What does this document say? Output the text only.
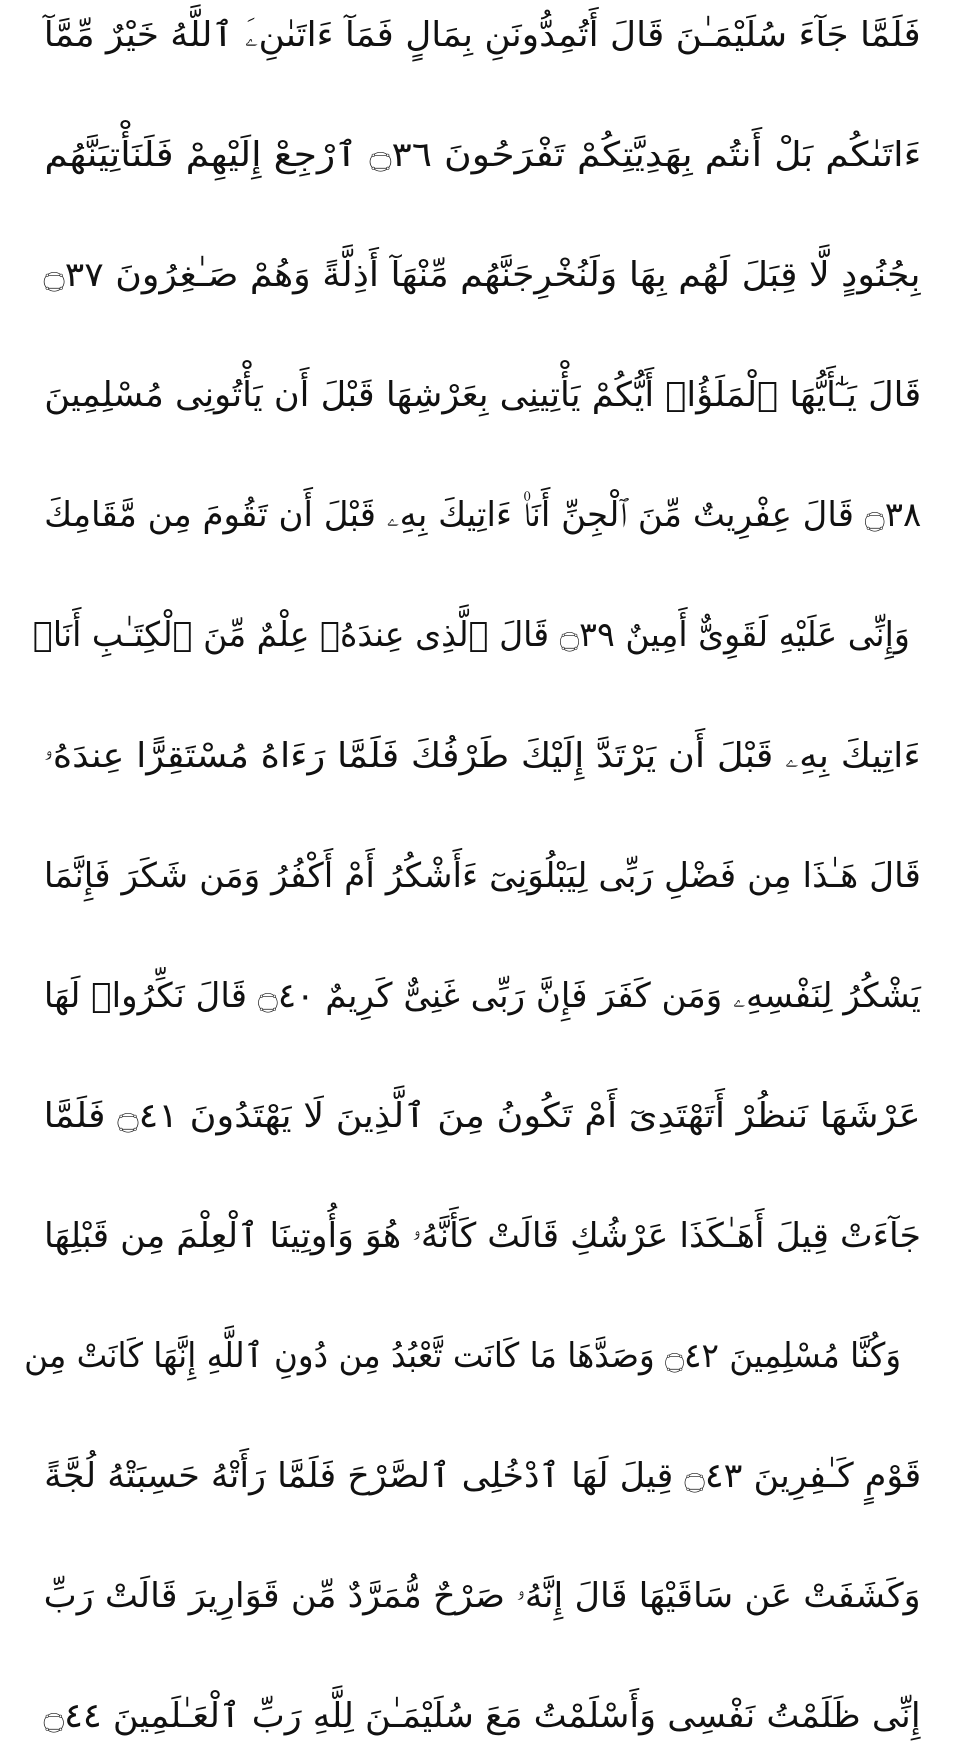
فَلَمَّا جَآءَ سُلَيْمَـٰنَ قَالَ أَتُمِدُّونَنِ بِمَالٍ فَمَآ ءَاتَىٰنِۦَ ٱللَّهُ خَيْرٌ مِّمَّآ
ءَاتَىٰكُم بَلْ أَنتُم بِهَدِيَّتِكُمْ تَفْرَحُونَ ۝٣٦ ٱرْجِعْ إِلَيْهِمْ فَلَنَأْتِيَنَّهُم
بِجُنُودٍ لَّا قِبَلَ لَهُم بِهَا وَلَنُخْرِجَنَّهُم مِّنْهَآ أَذِلَّةً وَهُمْ صَـٰغِرُونَ ۝٣٧
قَالَ يَـٰٓأَيُّهَا ٱلْمَلَؤُا۟ أَيُّكُمْ يَأْتِينِى بِعَرْشِهَا قَبْلَ أَن يَأْتُونِى مُسْلِمِينَ
۝٣٨ قَالَ عِفْرِيتٌ مِّنَ ٱلْجِنِّ أَنَا۠ ءَاتِيكَ بِهِۦ قَبْلَ أَن تَقُومَ مِن مَّقَامِكَ
وَإِنِّى عَلَيْهِ لَقَوِىٌّ أَمِينٌ ۝٣٩ قَالَ ٱلَّذِى عِندَهُۥ عِلْمٌ مِّنَ ٱلْكِتَـٰبِ أَنَا۠
ءَاتِيكَ بِهِۦ قَبْلَ أَن يَرْتَدَّ إِلَيْكَ طَرْفُكَ فَلَمَّا رَءَاهُ مُسْتَقِرًّا عِندَهُۥ
قَالَ هَـٰذَا مِن فَضْلِ رَبِّى لِيَبْلُوَنِىٓ ءَأَشْكُرُ أَمْ أَكْفُرُ وَمَن شَكَرَ فَإِنَّمَا
يَشْكُرُ لِنَفْسِهِۦ وَمَن كَفَرَ فَإِنَّ رَبِّى غَنِىٌّ كَرِيمٌ ۝٤٠ قَالَ نَكِّرُوا۟ لَهَا
عَرْشَهَا نَنظُرْ أَتَهْتَدِىٓ أَمْ تَكُونُ مِنَ ٱلَّذِينَ لَا يَهْتَدُونَ ۝٤١ فَلَمَّا
جَآءَتْ قِيلَ أَهَـٰكَذَا عَرْشُكِ قَالَتْ كَأَنَّهُۥ هُوَ وَأُوتِينَا ٱلْعِلْمَ مِن قَبْلِهَا
وَكُنَّا مُسْلِمِينَ ۝٤٢ وَصَدَّهَا مَا كَانَت تَّعْبُدُ مِن دُونِ ٱللَّهِ إِنَّهَا كَانَتْ مِن
قَوْمٍ كَـٰفِرِينَ ۝٤٣ قِيلَ لَهَا ٱدْخُلِى ٱلصَّرْحَ فَلَمَّا رَأَتْهُ حَسِبَتْهُ لُجَّةً
وَكَشَفَتْ عَن سَاقَيْهَا قَالَ إِنَّهُۥ صَرْحٌ مُّمَرَّدٌ مِّن قَوَارِيرَ قَالَتْ رَبِّ
إِنِّى ظَلَمْتُ نَفْسِى وَأَسْلَمْتُ مَعَ سُلَيْمَـٰنَ لِلَّهِ رَبِّ ٱلْعَـٰلَمِينَ ۝٤٤
